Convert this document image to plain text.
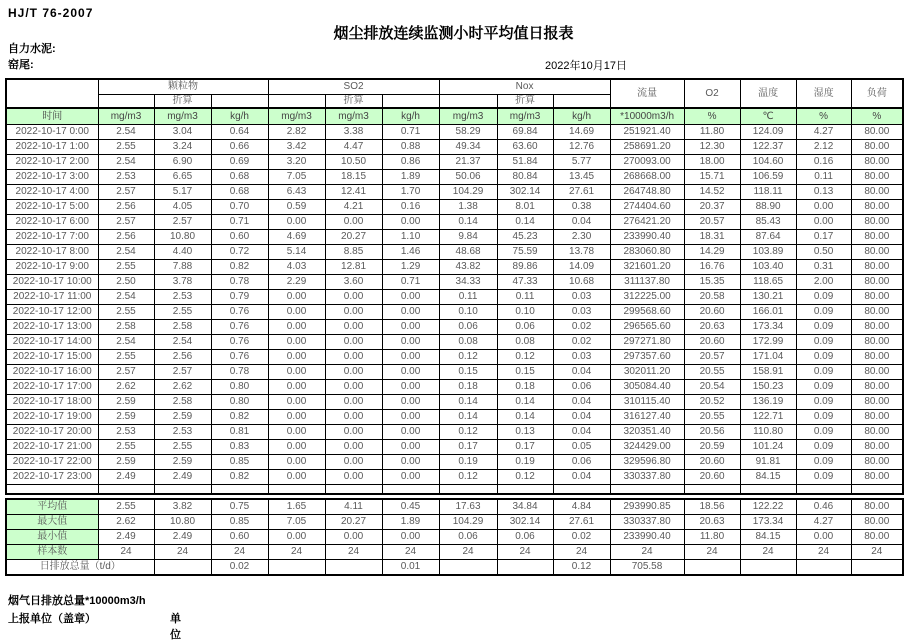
HJ/T 76-2007
烟尘排放连续监测小时平均值日报表
自力水泥:
窑尾:	2022年10月17日
	颗粒物			SO2			Nox			流量	O2	温度	湿度	负荷
		折算			折算			折算						
时间	mg/m3	mg/m3	kg/h	mg/m3	mg/m3	kg/h	mg/m3	mg/m3	kg/h	*10000m3/h	%	℃	%	%
2022-10-17 0:00	2.54	3.04	0.64	2.82	3.38	0.71	58.29	69.84	14.69	251921.40	11.80	124.09	4.27	80.00
2022-10-17 1:00	2.55	3.24	0.66	3.42	4.47	0.88	49.34	63.60	12.76	258691.20	12.30	122.37	2.12	80.00
2022-10-17 2:00	2.54	6.90	0.69	3.20	10.50	0.86	21.37	51.84	5.77	270093.00	18.00	104.60	0.16	80.00
2022-10-17 3:00	2.53	6.65	0.68	7.05	18.15	1.89	50.06	80.84	13.45	268668.00	15.71	106.59	0.11	80.00
2022-10-17 4:00	2.57	5.17	0.68	6.43	12.41	1.70	104.29	302.14	27.61	264748.80	14.52	118.11	0.13	80.00
2022-10-17 5:00	2.56	4.05	0.70	0.59	4.21	0.16	1.38	8.01	0.38	274404.60	20.37	88.90	0.00	80.00
2022-10-17 6:00	2.57	2.57	0.71	0.00	0.00	0.00	0.14	0.14	0.04	276421.20	20.57	85.43	0.00	80.00
2022-10-17 7:00	2.56	10.80	0.60	4.69	20.27	1.10	9.84	45.23	2.30	233990.40	18.31	87.64	0.17	80.00
2022-10-17 8:00	2.54	4.40	0.72	5.14	8.85	1.46	48.68	75.59	13.78	283060.80	14.29	103.89	0.50	80.00
2022-10-17 9:00	2.55	7.88	0.82	4.03	12.81	1.29	43.82	89.86	14.09	321601.20	16.76	103.40	0.31	80.00
2022-10-17 10:00	2.50	3.78	0.78	2.29	3.60	0.71	34.33	47.33	10.68	311137.80	15.35	118.65	2.00	80.00
2022-10-17 11:00	2.54	2.53	0.79	0.00	0.00	0.00	0.11	0.11	0.03	312225.00	20.58	130.21	0.09	80.00
2022-10-17 12:00	2.55	2.55	0.76	0.00	0.00	0.00	0.10	0.10	0.03	299568.60	20.60	166.01	0.09	80.00
2022-10-17 13:00	2.58	2.58	0.76	0.00	0.00	0.00	0.06	0.06	0.02	296565.60	20.63	173.34	0.09	80.00
2022-10-17 14:00	2.54	2.54	0.76	0.00	0.00	0.00	0.08	0.08	0.02	297271.80	20.60	172.99	0.09	80.00
2022-10-17 15:00	2.55	2.56	0.76	0.00	0.00	0.00	0.12	0.12	0.03	297357.60	20.57	171.04	0.09	80.00
2022-10-17 16:00	2.57	2.57	0.78	0.00	0.00	0.00	0.15	0.15	0.04	302011.20	20.55	158.91	0.09	80.00
2022-10-17 17:00	2.62	2.62	0.80	0.00	0.00	0.00	0.18	0.18	0.06	305084.40	20.54	150.23	0.09	80.00
2022-10-17 18:00	2.59	2.58	0.80	0.00	0.00	0.00	0.14	0.14	0.04	310115.40	20.52	136.19	0.09	80.00
2022-10-17 19:00	2.59	2.59	0.82	0.00	0.00	0.00	0.14	0.14	0.04	316127.40	20.55	122.71	0.09	80.00
2022-10-17 20:00	2.53	2.53	0.81	0.00	0.00	0.00	0.12	0.13	0.04	320351.40	20.56	110.80	0.09	80.00
2022-10-17 21:00	2.55	2.55	0.83	0.00	0.00	0.00	0.17	0.17	0.05	324429.00	20.59	101.24	0.09	80.00
2022-10-17 22:00	2.59	2.59	0.85	0.00	0.00	0.00	0.19	0.19	0.06	329596.80	20.60	91.81	0.09	80.00
2022-10-17 23:00	2.49	2.49	0.82	0.00	0.00	0.00	0.12	0.12	0.04	330337.80	20.60	84.15	0.09	80.00

平均值	2.55	3.82	0.75	1.65	4.11	0.45	17.63	34.84	4.84	293990.85	18.56	122.22	0.46	80.00
最大值	2.62	10.80	0.85	7.05	20.27	1.89	104.29	302.14	27.61	330337.80	20.63	173.34	4.27	80.00
最小值	2.49	2.49	0.60	0.00	0.00	0.00	0.06	0.06	0.02	233990.40	11.80	84.15	0.00	80.00
样本数	24	24	24	24	24	24	24	24	24	24	24	24	24	24
日排放总量（t/d）			0.02			0.01			0.12	705.58				
烟气日排放总量*10000m3/h
上报单位（盖章）	单位
